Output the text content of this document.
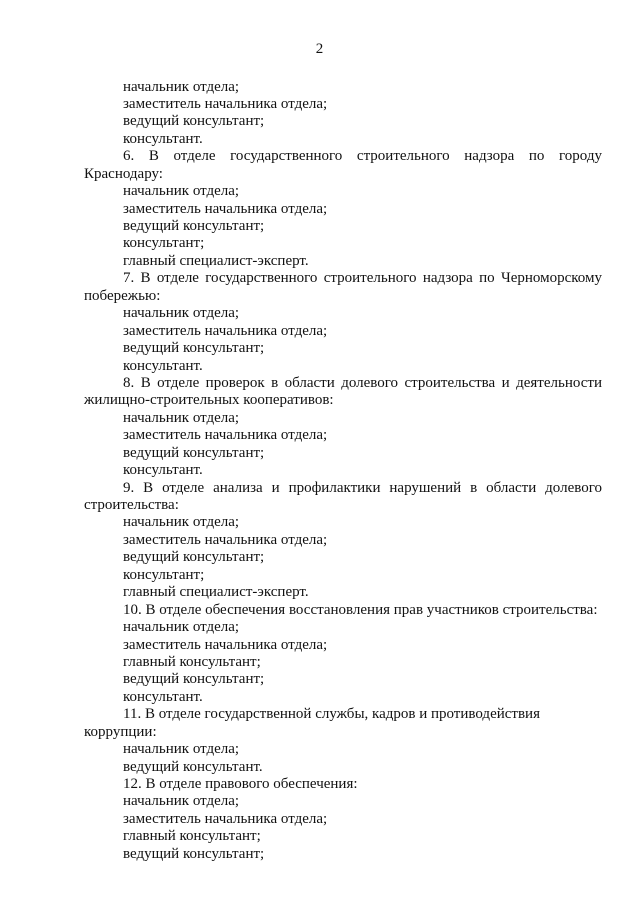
2
начальник отдела;
заместитель начальника отдела;
ведущий консультант;
консультант.
6. В отделе государственного строительного надзора по городу
Краснодару:
начальник отдела;
заместитель начальника отдела;
ведущий консультант;
консультант;
главный специалист-эксперт.
7. В отделе государственного строительного надзора по Черноморскому
побережью:
начальник отдела;
заместитель начальника отдела;
ведущий консультант;
консультант.
8. В отделе проверок в области долевого строительства и деятельности
жилищно-строительных кооперативов:
начальник отдела;
заместитель начальника отдела;
ведущий консультант;
консультант.
9. В отделе анализа и профилактики нарушений в области долевого
строительства:
начальник отдела;
заместитель начальника отдела;
ведущий консультант;
консультант;
главный специалист-эксперт.
10. В отделе обеспечения восстановления прав участников строительства:
начальник отдела;
заместитель начальника отдела;
главный консультант;
ведущий консультант;
консультант.
11. В отделе государственной службы, кадров и противодействия
коррупции:
начальник отдела;
ведущий консультант.
12. В отделе правового обеспечения:
начальник отдела;
заместитель начальника отдела;
главный консультант;
ведущий консультант;
